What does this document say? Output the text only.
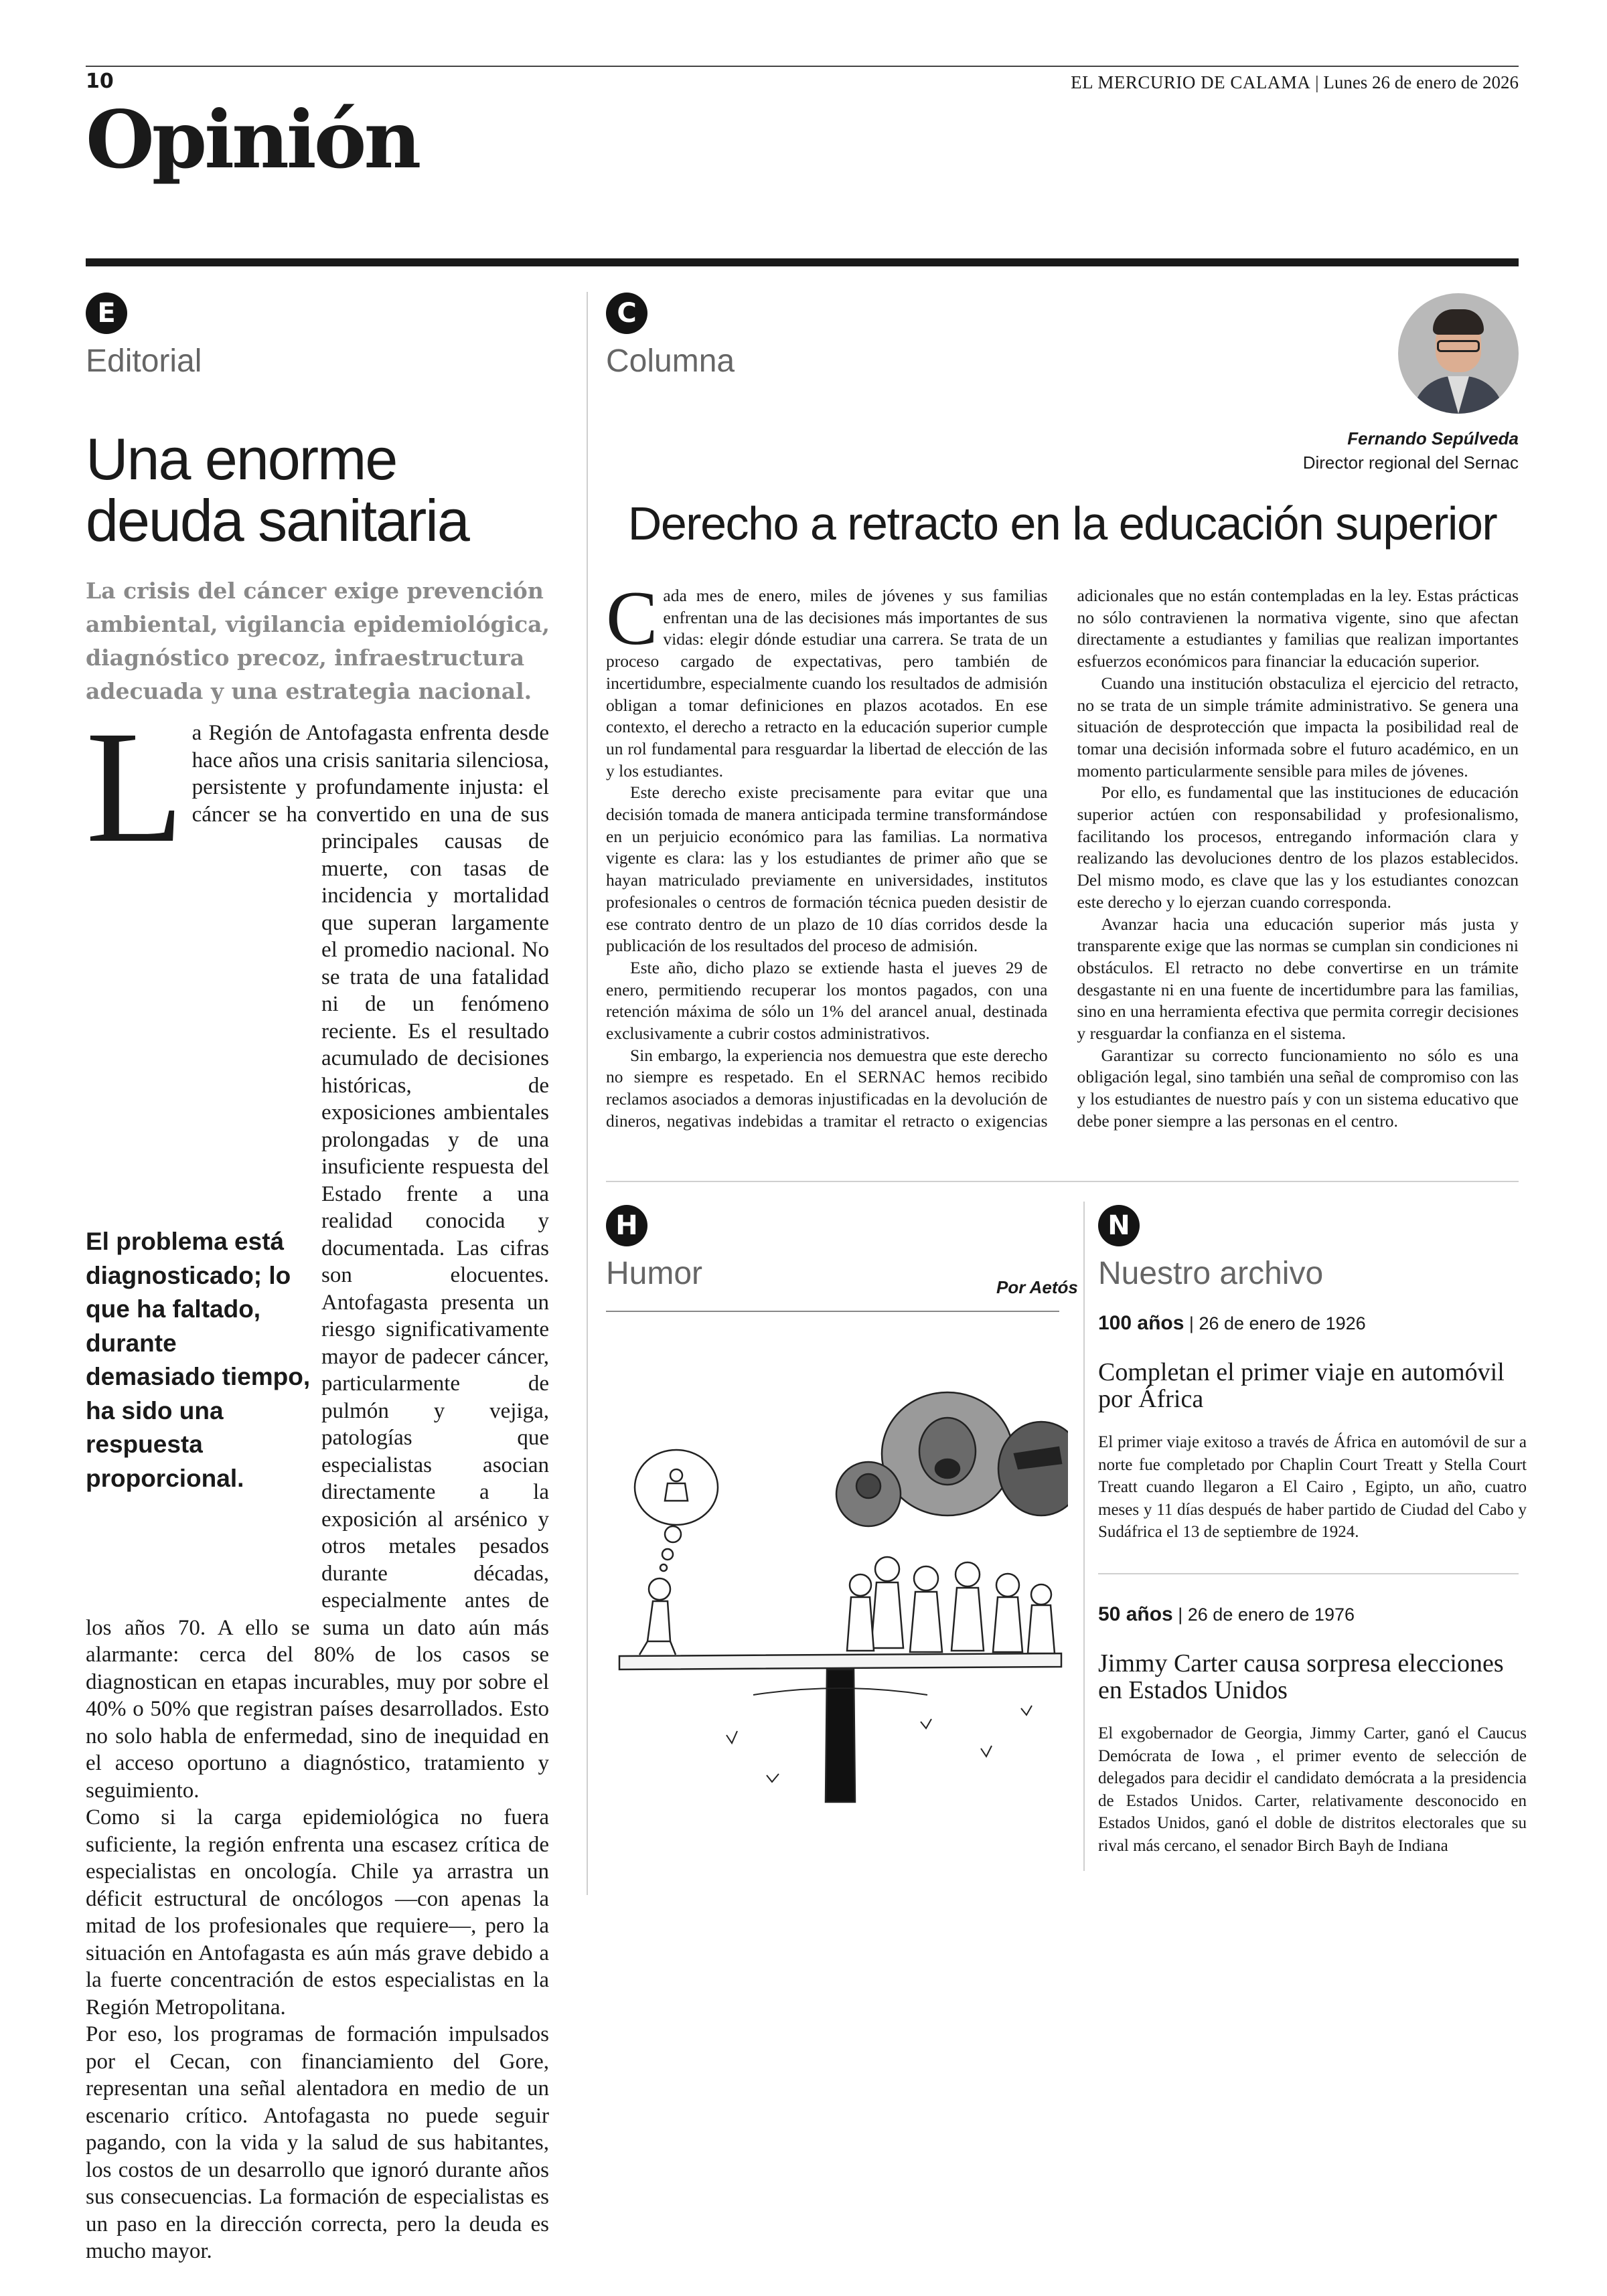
10	EL MERCURIO DE CALAMA | Lunes 26 de enero de 2026
Opinión
E
Editorial
Una enorme deuda sanitaria
La crisis del cáncer exige prevención ambiental, vigilancia epidemiológica, diagnóstico precoz, infraestructura adecuada y una estrategia nacional.
L a Región de Antofagasta enfrenta desde hace años una crisis sanitaria silenciosa, persistente y profundamente injusta: el cáncer se ha convertido en una de sus principales causas de muerte, con tasas de incidencia y mortalidad que superan largamente el promedio nacional. No se trata de una fatalidad ni de un fenómeno reciente. Es el resultado acumulado de decisiones históricas, de exposiciones ambientales prolongadas y de una insuficiente respuesta del Estado frente a una realidad conocida y documentada. Las cifras son elocuentes. Antofagasta presenta un riesgo significativamente mayor de padecer cáncer, particularmente de pulmón y vejiga, patologías que especialistas asocian directamente a la exposición al arsénico y otros metales pesados durante décadas, especialmente antes de los años 70. A ello se suma un dato aún más alarmante: cerca del 80% de los casos se diagnostican en etapas incurables, muy por sobre el 40% o 50% que registran países desarrollados. Esto no solo habla de enfermedad, sino de inequidad en el acceso oportuno a diagnóstico, tratamiento y seguimiento.

Como si la carga epidemiológica no fuera suficiente, la región enfrenta una escasez crítica de especialistas en oncología. Chile ya arrastra un déficit estructural de oncólogos —con apenas la mitad de los profesionales que requiere—, pero la situación en Antofagasta es aún más grave debido a la fuerte concentración de estos especialistas en la Región Metropolitana.

Por eso, los programas de formación impulsados por el Cecan, con financiamiento del Gore, representan una señal alentadora en medio de un escenario crítico. Antofagasta no puede seguir pagando, con la vida y la salud de sus habitantes, los costos de un desarrollo que ignoró durante años sus consecuencias. La formación de especialistas es un paso en la dirección correcta, pero la deuda es mucho mayor.

C
Columna
Fernando Sepúlveda
Director regional del Sernac
Derecho a retracto en la educación superior

Cada mes de enero, miles de jóvenes y sus familias enfrentan una de las decisiones más importantes de sus vidas: elegir dónde estudiar una carrera. Se trata de un proceso cargado de expectativas, pero también de incertidumbre, especialmente cuando los resultados de admisión obligan a tomar definiciones en plazos acotados. En ese contexto, el derecho a retracto en la educación superior cumple un rol fundamental para resguardar la libertad de elección de las y los estudiantes.

Este derecho existe precisamente para evitar que una decisión tomada de manera anticipada termine transformándose en un perjuicio económico para las familias. La normativa vigente es clara: las y los estudiantes de primer año que se hayan matriculado previamente en universidades, institutos profesionales o centros de formación técnica pueden desistir de ese contrato dentro de un plazo de 10 días corridos desde la publicación de los resultados del proceso de admisión.

Este año, dicho plazo se extiende hasta el jueves 29 de enero, permitiendo recuperar los montos pagados, con una retención máxima de sólo un 1% del arancel anual, destinada exclusivamente a cubrir costos administrativos.

Sin embargo, la experiencia nos demuestra que este derecho no siempre es respetado. En el SERNAC hemos recibido reclamos asociados a demoras injustificadas en la devolución de dineros, negativas indebidas a tramitar el retracto o exigencias adicionales que no están contempladas en la ley. Estas prácticas no sólo contravienen la normativa vigente, sino que afectan directamente a estudiantes y familias que realizan importantes esfuerzos económicos para financiar la educación superior.

Cuando una institución obstaculiza el ejercicio del retracto, no se trata de un simple trámite administrativo. Se genera una situación de desprotección que impacta la posibilidad real de tomar una decisión informada sobre el futuro académico, en un momento particularmente sensible para miles de jóvenes.

Por ello, es fundamental que las instituciones de educación superior actúen con responsabilidad y profesionalismo, facilitando los procesos, entregando información clara y realizando las devoluciones dentro de los plazos establecidos. Del mismo modo, es clave que las y los estudiantes conozcan este derecho y lo ejerzan cuando corresponda.

Avanzar hacia una educación superior más justa y transparente exige que las normas se cumplan sin condiciones ni obstáculos. El retracto no debe convertirse en un trámite desgastante ni en una fuente de incertidumbre para las familias, sino en una herramienta efectiva que permita corregir decisiones y resguardar la confianza en el sistema.

Garantizar su correcto funcionamiento no sólo es una obligación legal, sino también una señal de compromiso con las y los estudiantes de nuestro país y con un sistema educativo que debe poner siempre a las personas en el centro.

H
Humor	Por Aetós
N
Nuestro archivo
100 años | 26 de enero de 1926
Completan el primer viaje en automóvil por África
El primer viaje exitoso a través de África en automóvil de sur a norte fue completado por Chaplin Court Treatt y Stella Court Treatt cuando llegaron a El Cairo , Egipto, un año, cuatro meses y 11 días después de haber partido de Ciudad del Cabo y Sudáfrica el 13 de septiembre de 1924.
50 años | 26 de enero de 1976
Jimmy Carter causa sorpresa elecciones en Estados Unidos
El exgobernador de Georgia, Jimmy Carter, ganó el Caucus Demócrata de Iowa , el primer evento de selección de delegados para decidir el candidato demócrata a la presidencia de Estados Unidos. Carter, relativamente desconocido en Estados Unidos, ganó el doble de distritos electorales que su rival más cercano, el senador Birch Bayh de Indiana
El problema está diagnosticado; lo que ha faltado, durante demasiado tiempo, ha sido una respuesta proporcional.
